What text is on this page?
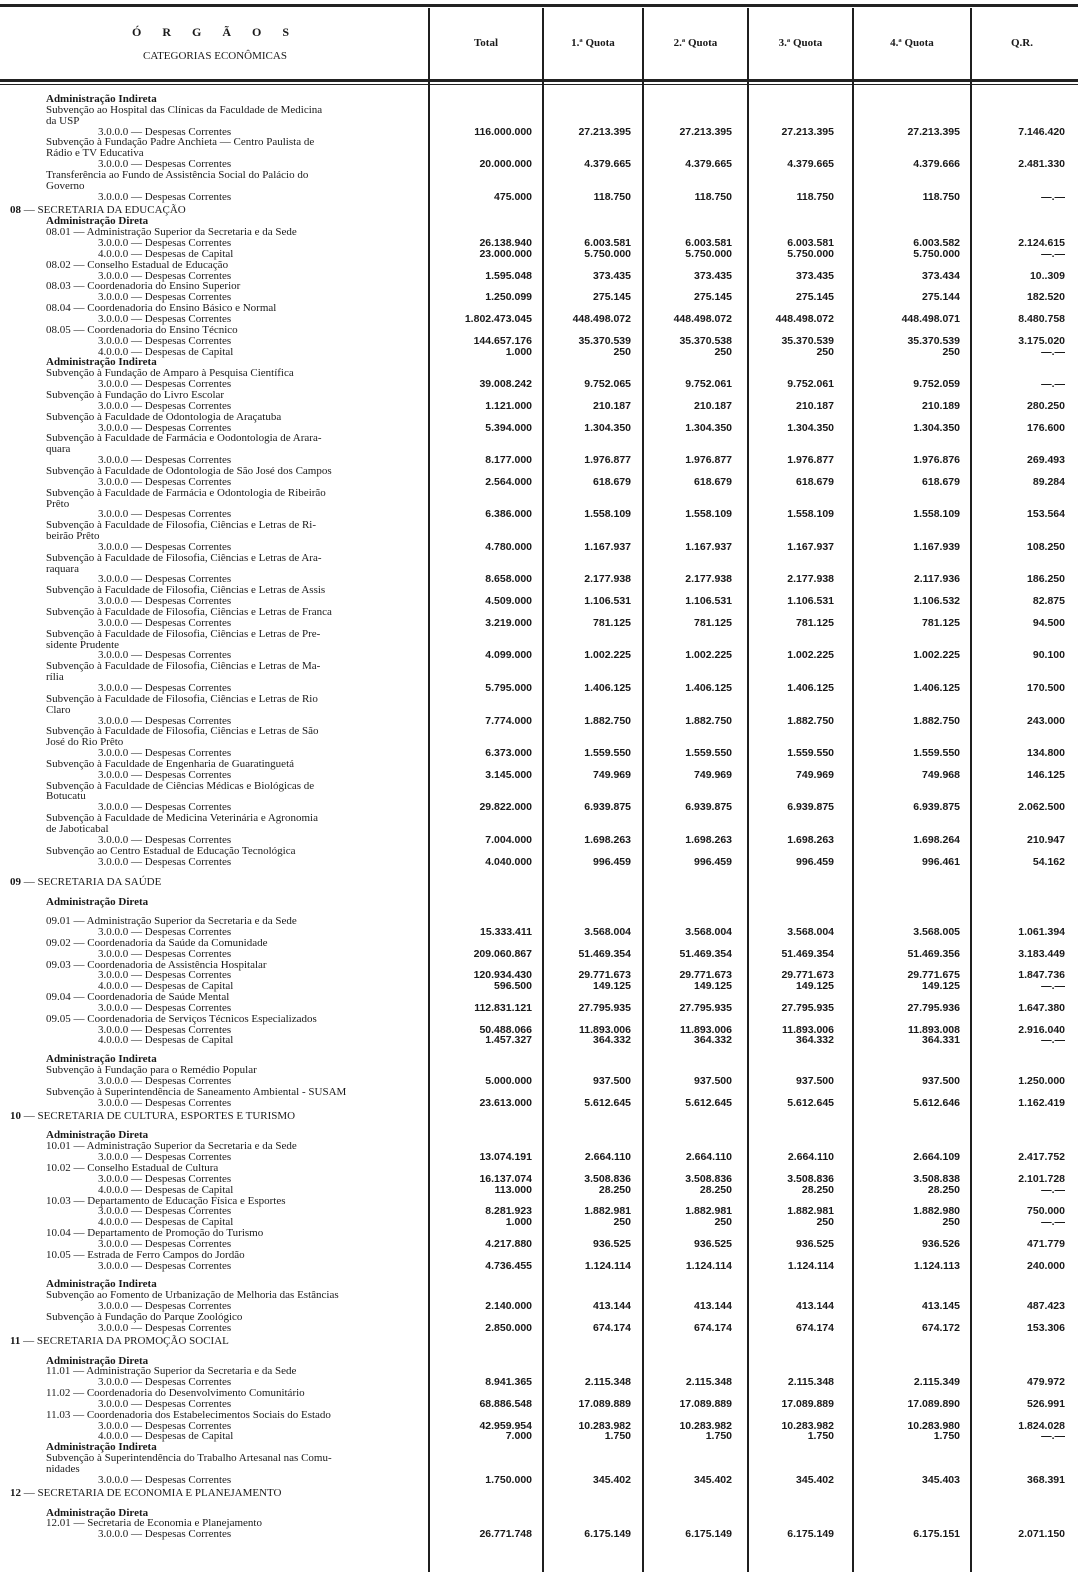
Ó R G Ã O S
CATEGORIAS ECONÔMICAS
Total	1.ª Quota	2.ª Quota	3.ª Quota	4.ª Quota	Q.R.
Administração Indireta
Subvenção ao Hospital das Clínicas da Faculdade de Medicina
da USP
3.0.0.0 — Despesas Correntes	116.000.000	27.213.395	27.213.395	27.213.395	27.213.395	7.146.420
Subvenção à Fundação Padre Anchieta — Centro Paulista de
Rádio e TV Educativa
3.0.0.0 — Despesas Correntes	20.000.000	4.379.665	4.379.665	4.379.665	4.379.666	2.481.330
Transferência ao Fundo de Assistência Social do Palácio do
Governo
3.0.0.0 — Despesas Correntes	475.000	118.750	118.750	118.750	118.750	—.—
08 — SECRETARIA DA EDUCAÇÃO
Administração Direta
08.01 — Administração Superior da Secretaria e da Sede
3.0.0.0 — Despesas Correntes	26.138.940	6.003.581	6.003.581	6.003.581	6.003.582	2.124.615
4.0.0.0 — Despesas de Capital	23.000.000	5.750.000	5.750.000	5.750.000	5.750.000	—.—
08.02 — Conselho Estadual de Educação
3.0.0.0 — Despesas Correntes	1.595.048	373.435	373.435	373.435	373.434	10..309
08.03 — Coordenadoria do Ensino Superior
3.0.0.0 — Despesas Correntes	1.250.099	275.145	275.145	275.145	275.144	182.520
08.04 — Coordenadoria do Ensino Básico e Normal
3.0.0.0 — Despesas Correntes	1.802.473.045	448.498.072	448.498.072	448.498.072	448.498.071	8.480.758
08.05 — Coordenadoria do Ensino Técnico
3.0.0.0 — Despesas Correntes	144.657.176	35.370.539	35.370.538	35.370.539	35.370.539	3.175.020
4.0.0.0 — Despesas de Capital	1.000	250	250	250	250	—.—
Administração Indireta
Subvenção à Fundação de Amparo à Pesquisa Científica
3.0.0.0 — Despesas Correntes	39.008.242	9.752.065	9.752.061	9.752.061	9.752.059	—.—
Subvenção à Fundação do Livro Escolar
3.0.0.0 — Despesas Correntes	1.121.000	210.187	210.187	210.187	210.189	280.250
Subvenção à Faculdade de Odontologia de Araçatuba
3.0.0.0 — Despesas Correntes	5.394.000	1.304.350	1.304.350	1.304.350	1.304.350	176.600
Subvenção à Faculdade de Farmácia e Oodontologia de Arara-
quara
3.0.0.0 — Despesas Correntes	8.177.000	1.976.877	1.976.877	1.976.877	1.976.876	269.493
Subvenção à Faculdade de Odontologia de São José dos Campos
3.0.0.0 — Despesas Correntes	2.564.000	618.679	618.679	618.679	618.679	89.284
Subvenção à Faculdade de Farmácia e Odontologia de Ribeirão
Prêto
3.0.0.0 — Despesas Correntes	6.386.000	1.558.109	1.558.109	1.558.109	1.558.109	153.564
Subvenção à Faculdade de Filosofia, Ciências e Letras de Ri-
beirão Prêto
3.0.0.0 — Despesas Correntes	4.780.000	1.167.937	1.167.937	1.167.937	1.167.939	108.250
Subvenção à Faculdade de Filosofia, Ciências e Letras de Ara-
raquara
3.0.0.0 — Despesas Correntes	8.658.000	2.177.938	2.177.938	2.177.938	2.117.936	186.250
Subvenção à Faculdade de Filosofia, Ciências e Letras de Assis
3.0.0.0 — Despesas Correntes	4.509.000	1.106.531	1.106.531	1.106.531	1.106.532	82.875
Subvenção à Faculdade de Filosofia, Ciências e Letras de Franca
3.0.0.0 — Despesas Correntes	3.219.000	781.125	781.125	781.125	781.125	94.500
Subvenção à Faculdade de Filosofia, Ciências e Letras de Pre-
sidente Prudente
3.0.0.0 — Despesas Correntes	4.099.000	1.002.225	1.002.225	1.002.225	1.002.225	90.100
Subvenção à Faculdade de Filosofia, Ciências e Letras de Ma-
rília
3.0.0.0 — Despesas Correntes	5.795.000	1.406.125	1.406.125	1.406.125	1.406.125	170.500
Subvenção à Faculdade de Filosofia, Ciências e Letras de Rio
Claro
3.0.0.0 — Despesas Correntes	7.774.000	1.882.750	1.882.750	1.882.750	1.882.750	243.000
Subvenção à Faculdade de Filosofia, Ciências e Letras de São
José do Rio Prêto
3.0.0.0 — Despesas Correntes	6.373.000	1.559.550	1.559.550	1.559.550	1.559.550	134.800
Subvenção à Faculdade de Engenharia de Guaratinguetá
3.0.0.0 — Despesas Correntes	3.145.000	749.969	749.969	749.969	749.968	146.125
Subvenção à Faculdade de Ciências Médicas e Biológicas de
Botucatu
3.0.0.0 — Despesas Correntes	29.822.000	6.939.875	6.939.875	6.939.875	6.939.875	2.062.500
Subvenção à Faculdade de Medicina Veterinária e Agronomia
de Jaboticabal
3.0.0.0 — Despesas Correntes	7.004.000	1.698.263	1.698.263	1.698.263	1.698.264	210.947
Subvenção ao Centro Estadual de Educação Tecnológica
3.0.0.0 — Despesas Correntes	4.040.000	996.459	996.459	996.459	996.461	54.162
09 — SECRETARIA DA SAÚDE
Administração Direta
09.01 — Administração Superior da Secretaria e da Sede
3.0.0.0 — Despesas Correntes	15.333.411	3.568.004	3.568.004	3.568.004	3.568.005	1.061.394
09.02 — Coordenadoria da Saúde da Comunidade
3.0.0.0 — Despesas Correntes	209.060.867	51.469.354	51.469.354	51.469.354	51.469.356	3.183.449
09.03 — Coordenadoria de Assistência Hospitalar
3.0.0.0 — Despesas Correntes	120.934.430	29.771.673	29.771.673	29.771.673	29.771.675	1.847.736
4.0.0.0 — Despesas de Capital	596.500	149.125	149.125	149.125	149.125	—.—
09.04 — Coordenadoria de Saúde Mental
3.0.0.0 — Despesas Correntes	112.831.121	27.795.935	27.795.935	27.795.935	27.795.936	1.647.380
09.05 — Coordenadoria de Serviços Técnicos Especializados
3.0.0.0 — Despesas Correntes	50.488.066	11.893.006	11.893.006	11.893.006	11.893.008	2.916.040
4.0.0.0 — Despesas de Capital	1.457.327	364.332	364.332	364.332	364.331	—.—
Administração Indireta
Subvenção à Fundação para o Remédio Popular
3.0.0.0 — Despesas Correntes	5.000.000	937.500	937.500	937.500	937.500	1.250.000
Subvenção à Superintendência de Saneamento Ambiental - SUSAM
3.0.0.0 — Despesas Correntes	23.613.000	5.612.645	5.612.645	5.612.645	5.612.646	1.162.419
10 — SECRETARIA DE CULTURA, ESPORTES E TURISMO
Administração Direta
10.01 — Administração Superior da Secretaria e da Sede
3.0.0.0 — Despesas Correntes	13.074.191	2.664.110	2.664.110	2.664.110	2.664.109	2.417.752
10.02 — Conselho Estadual de Cultura
3.0.0.0 — Despesas Correntes	16.137.074	3.508.836	3.508.836	3.508.836	3.508.838	2.101.728
4.0.0.0 — Despesas de Capital	113.000	28.250	28.250	28.250	28.250	—.—
10.03 — Departamento de Educação Física e Esportes
3.0.0.0 — Despesas Correntes	8.281.923	1.882.981	1.882.981	1.882.981	1.882.980	750.000
4.0.0.0 — Despesas de Capital	1.000	250	250	250	250	—.—
10.04 — Departamento de Promoção do Turismo
3.0.0.0 — Despesas Correntes	4.217.880	936.525	936.525	936.525	936.526	471.779
10.05 — Estrada de Ferro Campos do Jordão
3.0.0.0 — Despesas Correntes	4.736.455	1.124.114	1.124.114	1.124.114	1.124.113	240.000
Administração Indireta
Subvenção ao Fomento de Urbanização de Melhoria das Estâncias
3.0.0.0 — Despesas Correntes	2.140.000	413.144	413.144	413.144	413.145	487.423
Subvenção à Fundação do Parque Zoológico
3.0.0.0 — Despesas Correntes	2.850.000	674.174	674.174	674.174	674.172	153.306
11 — SECRETARIA DA PROMOÇÃO SOCIAL
Administração Direta
11.01 — Administração Superior da Secretaria e da Sede
3.0.0.0 — Despesas Correntes	8.941.365	2.115.348	2.115.348	2.115.348	2.115.349	479.972
11.02 — Coordenadoria do Desenvolvimento Comunitário
3.0.0.0 — Despesas Correntes	68.886.548	17.089.889	17.089.889	17.089.889	17.089.890	526.991
11.03 — Coordenadoria dos Estabelecimentos Sociais do Estado
3.0.0.0 — Despesas Correntes	42.959.954	10.283.982	10.283.982	10.283.982	10.283.980	1.824.028
4.0.0.0 — Despesas de Capital	7.000	1.750	1.750	1.750	1.750	—.—
Administração Indireta
Subvenção à Superintendência do Trabalho Artesanal nas Comu-
nidades
3.0.0.0 — Despesas Correntes	1.750.000	345.402	345.402	345.402	345.403	368.391
12 — SECRETARIA DE ECONOMIA E PLANEJAMENTO
Administração Direta
12.01 — Secretaria de Economia e Planejamento
3.0.0.0 — Despesas Correntes	26.771.748	6.175.149	6.175.149	6.175.149	6.175.151	2.071.150
